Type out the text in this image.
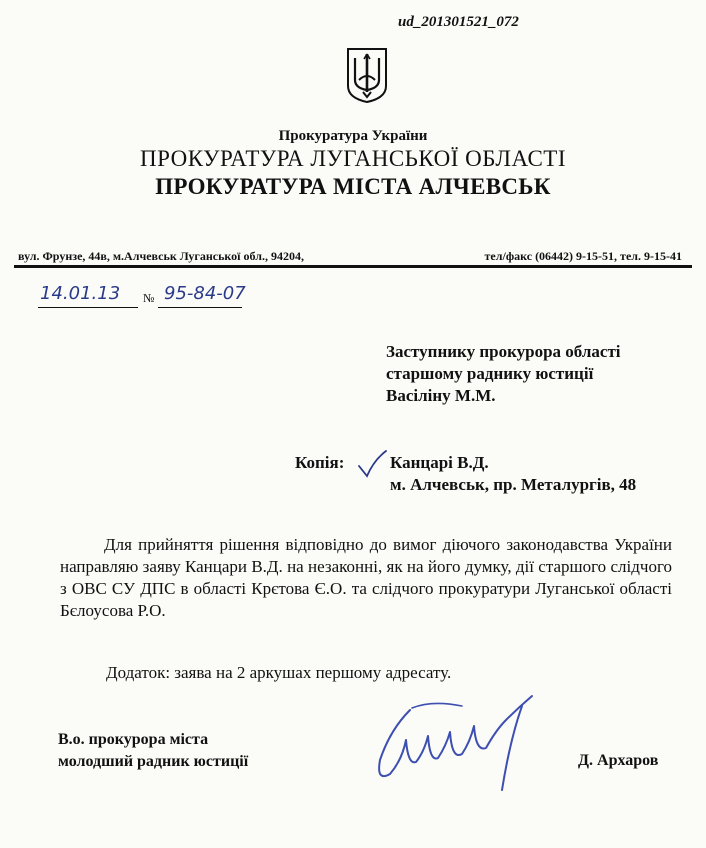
ud_201301521_072
Прокуратура України
ПРОКУРАТУРА ЛУГАНСЬКОЇ ОБЛАСТІ
ПРОКУРАТУРА МІСТА АЛЧЕВСЬК
вул. Фрунзе, 44в, м.Алчевськ Луганської обл., 94204,	тел/факс (06442) 9-15-51, тел. 9-15-41
14.01.13 № 95-84-07
Заступнику прокурора області
старшому раднику юстиції
Васіліну М.М.
Копія:	Канцарі В.Д.
м. Алчевськ, пр. Металургів, 48
Для прийняття рішення відповідно до вимог діючого законодавства України направляю заяву Канцари В.Д. на незаконні, як на його думку, дії старшого слідчого з ОВС СУ ДПС в області Крєтова Є.О. та слідчого прокуратури Луганської області Бєлоусова Р.О.
Додаток: заява на 2 аркушах першому адресату.
В.о. прокурора міста
молодший радник юстиції	Д. Архаров
